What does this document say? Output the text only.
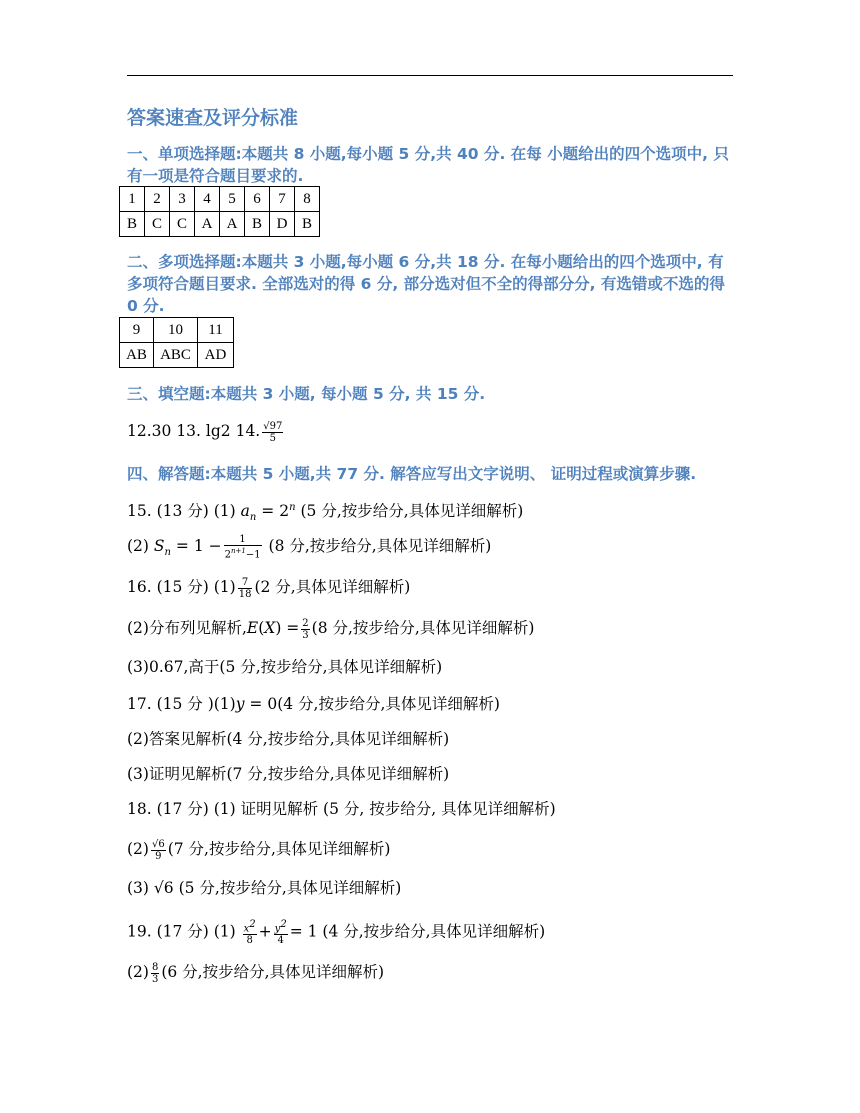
答案速查及评分标准
一、单项选择题:本题共 8 小题,每小题 5 分,共 40 分. 在每 小题给出的四个选项中, 只有一项是符合题目要求的.
1	2	3	4	5	6	7	8
B	C	C	A	A	B	D	B
二、多项选择题:本题共 3 小题,每小题 6 分,共 18 分. 在每小题给出的四个选项中, 有多项符合题目要求. 全部选对的得 6 分, 部分选对但不全的得部分分, 有选错或不选的得 0 分.
9	10	11
AB	ABC	AD
三、填空题:本题共 3 小题, 每小题 5 分, 共 15 分.
12.30 13. lg2 14. $\frac{√97}{5}$
四、解答题:本题共 5 小题,共 77 分. 解答应写出文字说明、 证明过程或演算步骤.
15. (13 分) (1) $a_n = 2^n$ (5 分,按步给分,具体见详细解析)
(2) $S_n = 1 - \frac{1}{2^{n+1}-1} (8$ 分,按步给分,具体见详细解析)
16. (15 分) $(1) \frac{7}{18} (2$ 分,具体见详细解析)
(2)分布列见解析$,E(X) = \frac{2}{3} (8$ 分,按步给分,具体见详细解析)
(3)0.67,高于(5 分,按步给分,具体见详细解析)
17. (15 分 )(1)y = 0(4 分,按步给分,具体见详细解析)
(2)答案见解析(4 分,按步给分,具体见详细解析)
(3)证明见解析(7 分,按步给分,具体见详细解析)
18. (17 分) (1) 证明见解析 (5 分, 按步给分, 具体见详细解析)
$(2) \frac{√6}{9} (7$ 分,按步给分,具体见详细解析)
(3) √6 (5 分,按步给分,具体见详细解析)
19. (17 分) $(1) \frac{x^2}{8} + \frac{y^2}{4} = 1$ (4 分,按步给分,具体见详细解析)
$(2) \frac{8}{3} (6$ 分,按步给分,具体见详细解析)
